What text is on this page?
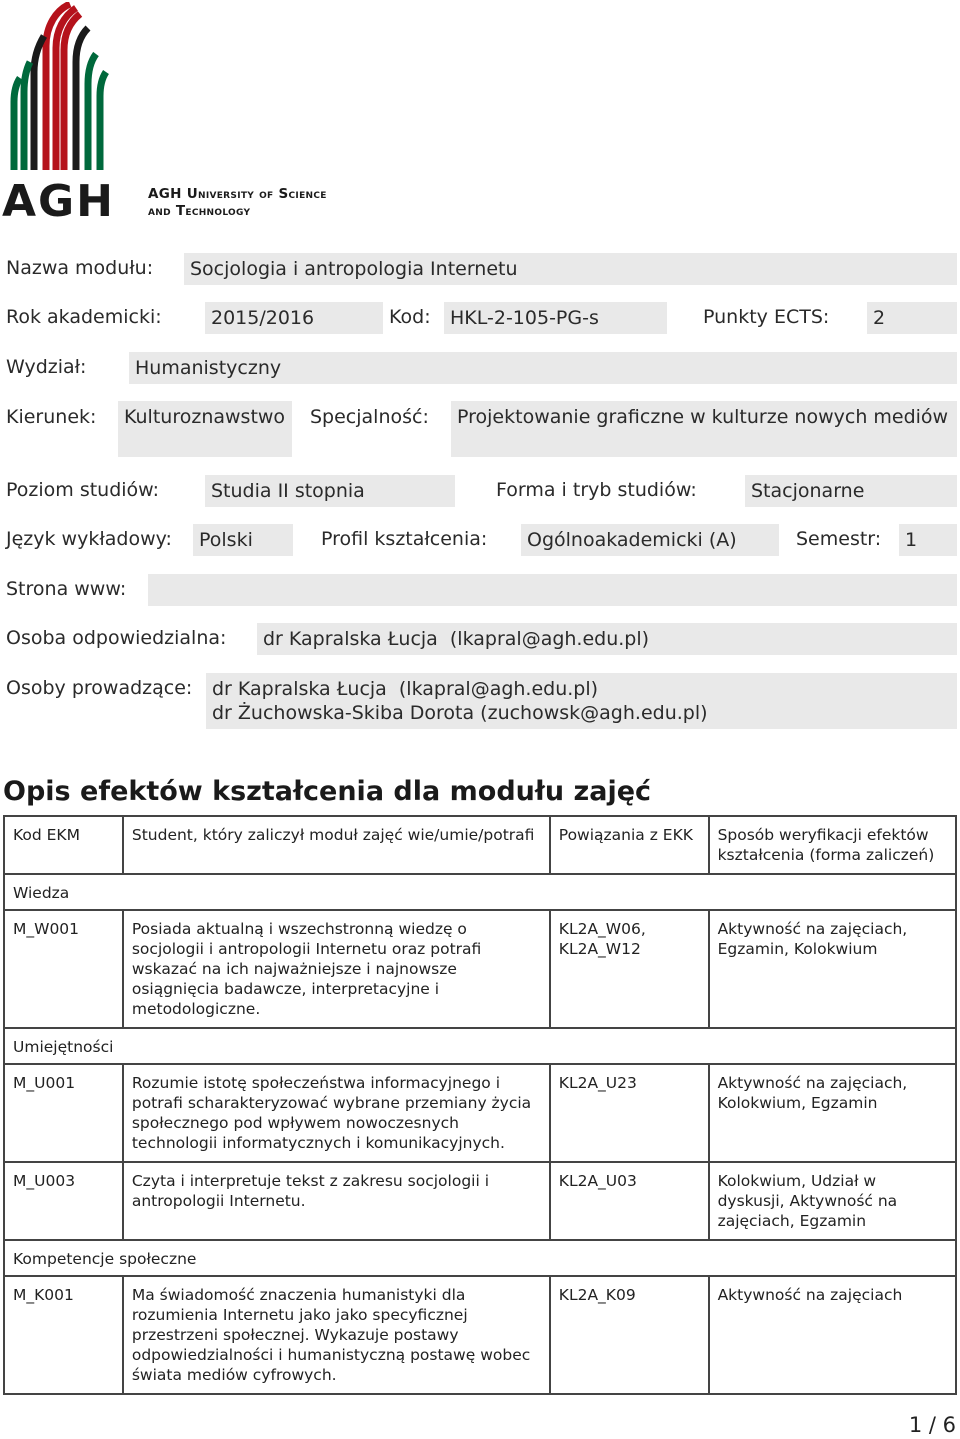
AGH AGH University of Science
and Technology
Nazwa modułu:	Socjologia i antropologia Internetu
Rok akademicki:	2015/2016	Kod:	HKL-2-105-PG-s	Punkty ECTS:	2
Wydział:	Humanistyczny
Kierunek:	Kulturoznawstwo	Specjalność:	Projektowanie graficzne w kulturze nowych mediów
Poziom studiów:	Studia II stopnia	Forma i tryb studiów:	Stacjonarne
Język wykładowy:	Polski	Profil kształcenia:	Ogólnoakademicki (A)	Semestr:	1
Strona www:
Osoba odpowiedzialna:	dr Kapralska Łucja  (lkapral@agh.edu.pl)
Osoby prowadzące: dr Kapralska Łucja  (lkapral@agh.edu.pl)
dr Żuchowska-Skiba Dorota (zuchowsk@agh.edu.pl)
Opis efektów kształcenia dla modułu zajęć
Kod EKM	Student, który zaliczył moduł zajęć wie/umie/potrafi	Powiązania z EKK	Sposób weryfikacji efektów kształcenia (forma zaliczeń)
Wiedza			
M_W001	Posiada aktualną i wszechstronną wiedzę o socjologii i antropologii Internetu oraz potrafi wskazać na ich najważniejsze i najnowsze osiągnięcia badawcze, interpretacyjne i metodologiczne.	KL2A_W06, KL2A_W12	Aktywność na zajęciach, Egzamin, Kolokwium
Umiejętności			
M_U001	Rozumie istotę społeczeństwa informacyjnego i potrafi scharakteryzować wybrane przemiany życia społecznego pod wpływem nowoczesnych technologii informatycznych i komunikacyjnych.	KL2A_U23	Aktywność na zajęciach, Kolokwium, Egzamin
M_U003	Czyta i interpretuje tekst z zakresu socjologii i antropologii Internetu.	KL2A_U03	Kolokwium, Udział w dyskusji, Aktywność na zajęciach, Egzamin
Kompetencje społeczne			
M_K001	Ma świadomość znaczenia humanistyki dla rozumienia Internetu jako jako specyficznej przestrzeni społecznej. Wykazuje postawy odpowiedzialności i humanistyczną postawę wobec świata mediów cyfrowych.	KL2A_K09	Aktywność na zajęciach
1 / 6
